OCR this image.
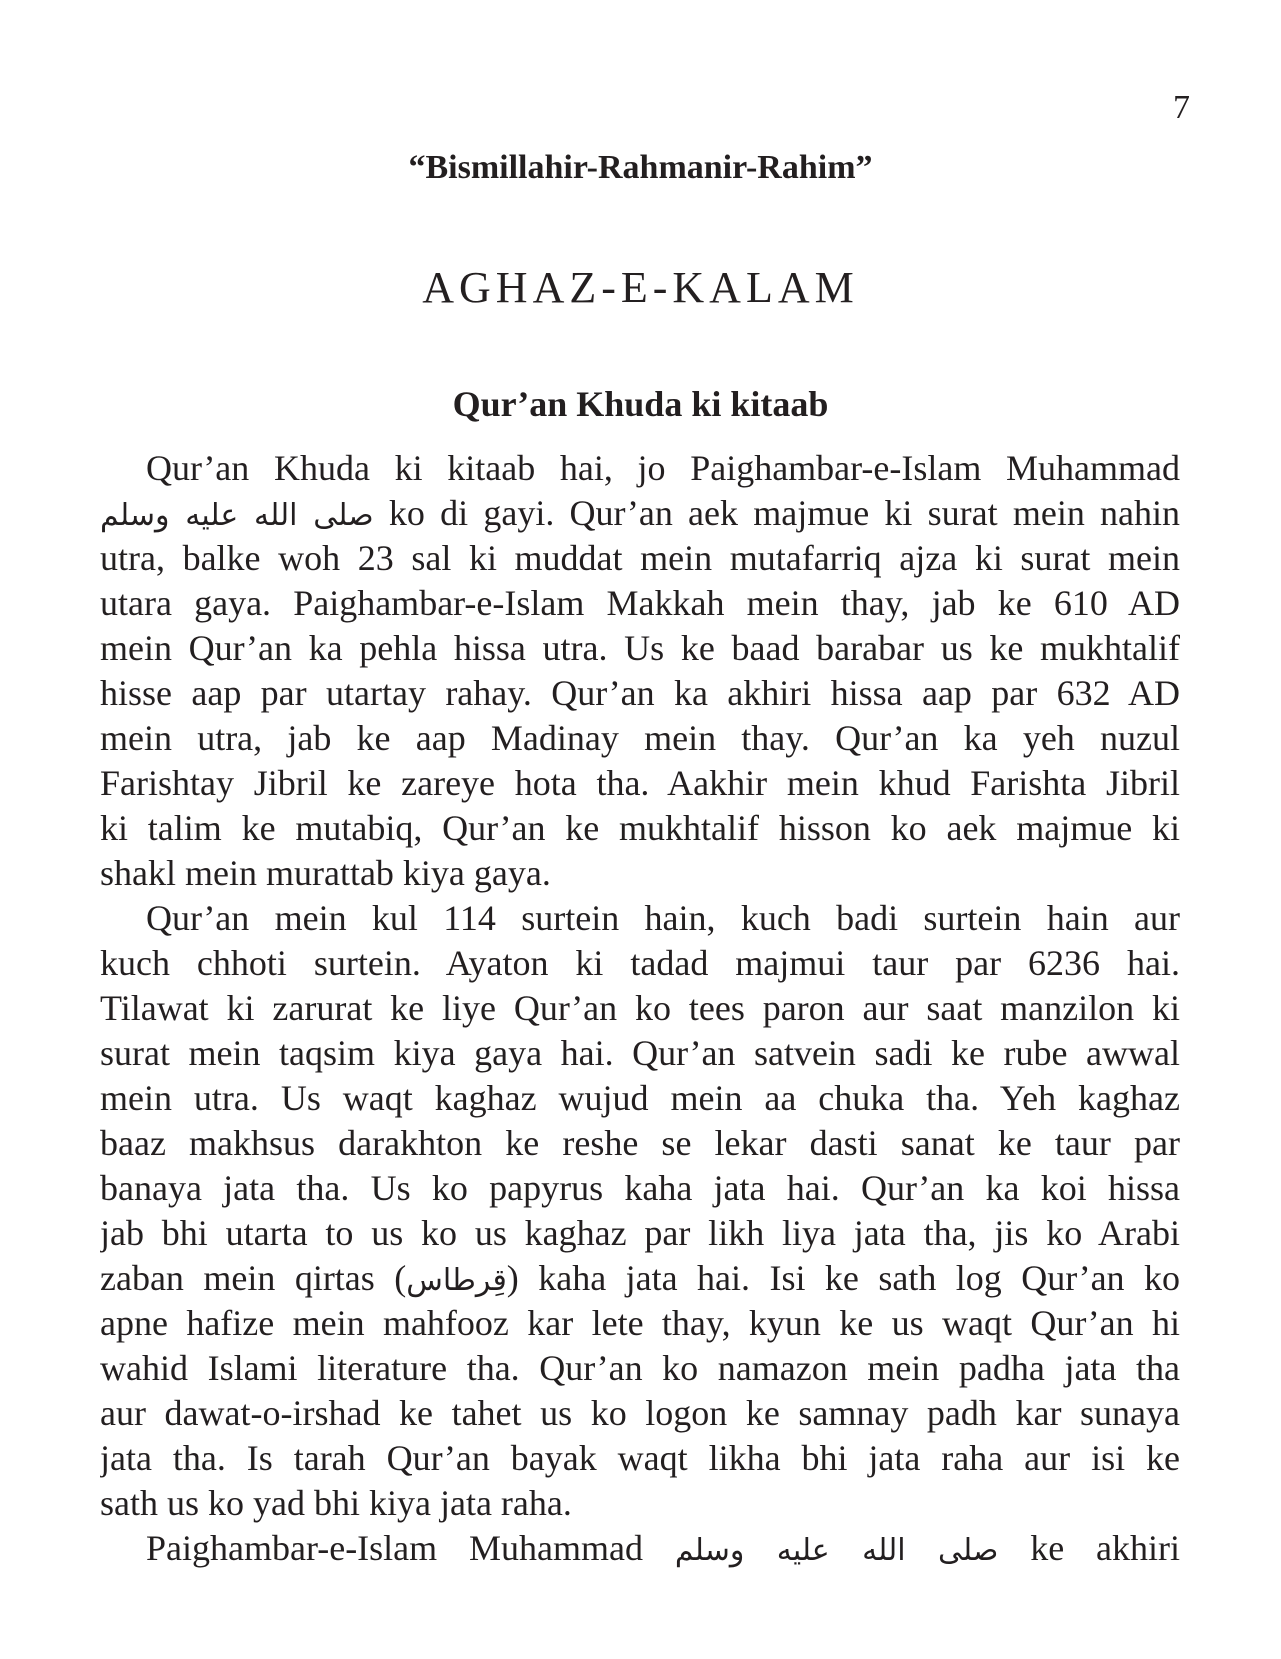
7
“Bismillahir-Rahmanir-Rahim”
AGHAZ-E-KALAM
Qur’an Khuda ki kitaab
Qur’an Khuda ki kitaab hai, jo Paighambar-e-Islam Muhammad
صلى الله عليه وسلم ko di gayi. Qur’an aek majmue ki surat mein nahin
utra, balke woh 23 sal ki muddat mein mutafarriq ajza ki surat mein
utara gaya. Paighambar-e-Islam Makkah mein thay, jab ke 610 AD
mein Qur’an ka pehla hissa utra. Us ke baad barabar us ke mukhtalif
hisse aap par utartay rahay. Qur’an ka akhiri hissa aap par 632 AD
mein utra, jab ke aap Madinay mein thay. Qur’an ka yeh nuzul
Farishtay Jibril ke zareye hota tha. Aakhir mein khud Farishta Jibril
ki talim ke mutabiq, Qur’an ke mukhtalif hisson ko aek majmue ki
shakl mein murattab kiya gaya.
Qur’an mein kul 114 surtein hain, kuch badi surtein hain aur
kuch chhoti surtein. Ayaton ki tadad majmui taur par 6236 hai.
Tilawat ki zarurat ke liye Qur’an ko tees paron aur saat manzilon ki
surat mein taqsim kiya gaya hai. Qur’an satvein sadi ke rube awwal
mein utra. Us waqt kaghaz wujud mein aa chuka tha. Yeh kaghaz
baaz makhsus darakhton ke reshe se lekar dasti sanat ke taur par
banaya jata tha. Us ko papyrus kaha jata hai. Qur’an ka koi hissa
jab bhi utarta to us ko us kaghaz par likh liya jata tha, jis ko Arabi
zaban mein qirtas (قِرطاس) kaha jata hai. Isi ke sath log Qur’an ko
apne hafize mein mahfooz kar lete thay, kyun ke us waqt Qur’an hi
wahid Islami literature tha. Qur’an ko namazon mein padha jata tha
aur dawat-o-irshad ke tahet us ko logon ke samnay padh kar sunaya
jata tha. Is tarah Qur’an bayak waqt likha bhi jata raha aur isi ke
sath us ko yad bhi kiya jata raha.
Paighambar-e-Islam Muhammad صلى الله عليه وسلم ke akhiri
